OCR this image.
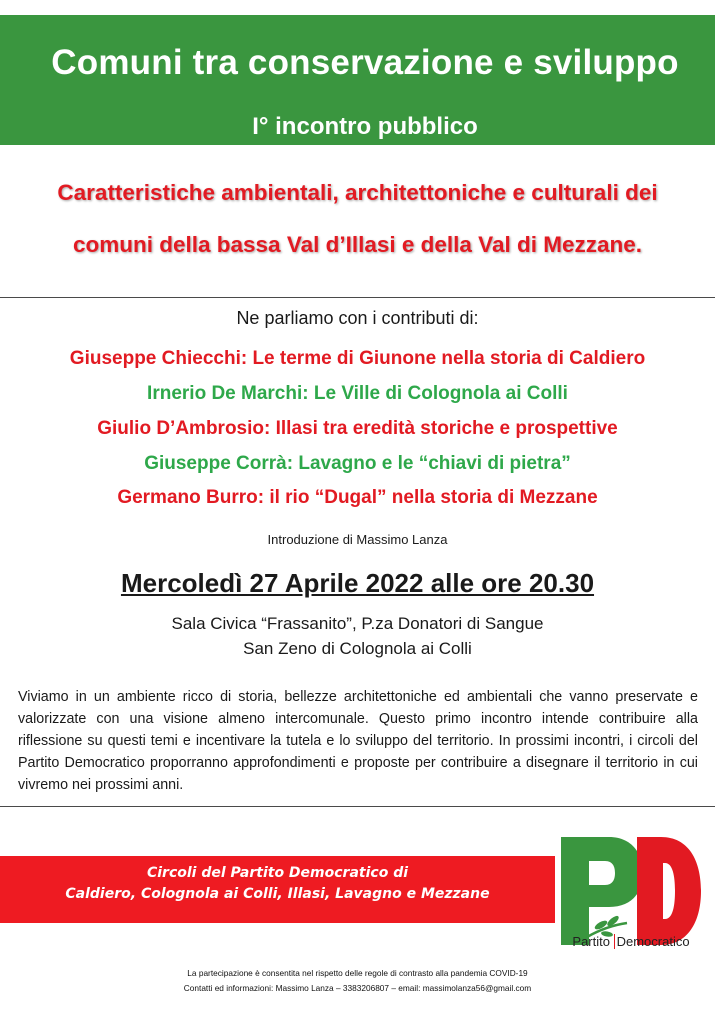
Comuni tra conservazione e sviluppo
I° incontro pubblico
Caratteristiche ambientali, architettoniche e culturali dei
comuni della bassa Val d’Illasi e della Val di Mezzane.
Ne parliamo con i contributi di:
Giuseppe Chiecchi: Le terme di Giunone nella storia di Caldiero
Irnerio De Marchi: Le Ville di Colognola ai Colli
Giulio D’Ambrosio: Illasi tra eredità storiche e prospettive
Giuseppe Corrà: Lavagno e le “chiavi di pietra”
Germano Burro: il rio “Dugal” nella storia di Mezzane
Introduzione di Massimo Lanza
Mercoledì 27 Aprile 2022 alle ore 20.30
Sala Civica “Frassanito”, P.za Donatori di Sangue
San Zeno di Colognola ai Colli
Viviamo in un ambiente ricco di storia, bellezze architettoniche ed ambientali che vanno preservate e valorizzate con una visione almeno intercomunale. Questo primo incontro intende contribuire alla riflessione su questi temi e incentivare la tutela e lo sviluppo del territorio. In prossimi incontri, i circoli del Partito Democratico proporranno approfondimenti e proposte per contribuire a disegnare il territorio in cui vivremo nei prossimi anni.
Circoli del Partito Democratico di
Caldiero, Colognola ai Colli, Illasi, Lavagno e Mezzane
Partito Democratico
La partecipazione è consentita nel rispetto delle regole di contrasto alla pandemia COVID-19
Contatti ed informazioni: Massimo Lanza – 3383206807 – email: massimolanza56@gmail.com
